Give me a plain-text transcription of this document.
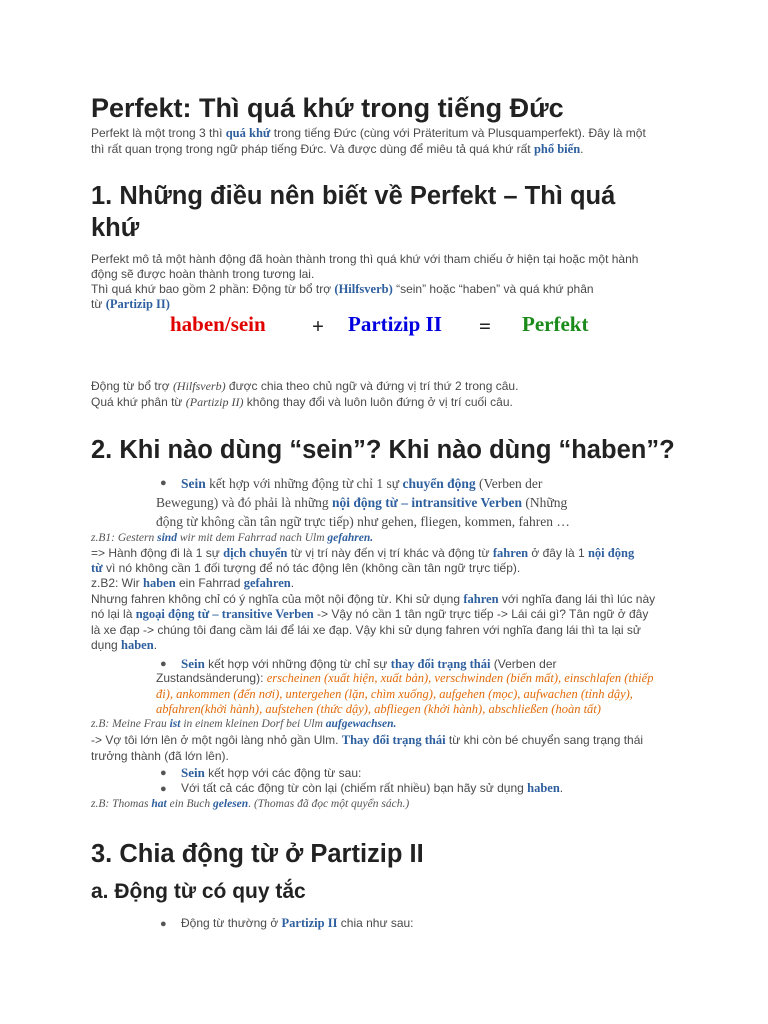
Perfekt: Thì quá khứ trong tiếng Đức
Perfekt là một trong 3 thì quá khứ trong tiếng Đức (cùng với Präteritum và Plusquamperfekt). Đây là một
thì rất quan trọng trong ngữ pháp tiếng Đức. Và được dùng để miêu tả quá khứ rất phổ biến.
1. Những điều nên biết về Perfekt – Thì quá
khứ
Perfekt mô tả một hành động đã hoàn thành trong thì quá khứ với tham chiếu ở hiện tại hoặc một hành
động sẽ được hoàn thành trong tương lai.
Thì quá khứ bao gồm 2 phần: Động từ bổ trợ (Hilfsverb) “sein” hoặc “haben” và quá khứ phân
từ (Partizip II)
haben/sein + Partizip II = Perfekt
Động từ bổ trợ (Hilfsverb) được chia theo chủ ngữ và đứng vị trí thứ 2 trong câu.
Quá khứ phân từ (Partizip II) không thay đổi và luôn luôn đứng ở vị trí cuối câu.
2. Khi nào dùng “sein”? Khi nào dùng “haben”?
● Sein kết hợp với những động từ chỉ 1 sự chuyển động (Verben der
Bewegung) và đó phải là những nội động từ – intransitive Verben (Những
động từ không cần tân ngữ trực tiếp) như gehen, fliegen, kommen, fahren …
z.B1: Gestern sind wir mit dem Fahrrad nach Ulm gefahren.
=> Hành động đi là 1 sự dịch chuyển từ vị trí này đến vị trí khác và động từ fahren ở đây là 1 nội động
từ vì nó không cần 1 đối tượng để nó tác động lên (không cần tân ngữ trực tiếp).
z.B2: Wir haben ein Fahrrad gefahren.
Nhưng fahren không chỉ có ý nghĩa của một nội động từ. Khi sử dụng fahren với nghĩa đang lái thì lúc này
nó lại là ngoại động từ – transitive Verben -> Vậy nó cần 1 tân ngữ trực tiếp -> Lái cái gì? Tân ngữ ở đây
là xe đạp -> chúng tôi đang cầm lái để lái xe đạp. Vậy khi sử dụng fahren với nghĩa đang lái thì ta lại sử
dụng haben.
● Sein kết hợp với những động từ chỉ sự thay đổi trạng thái (Verben der
Zustandsänderung): erscheinen (xuất hiện, xuất bản), verschwinden (biến mất), einschlafen (thiếp
đi), ankommen (đến nơi), untergehen (lặn, chìm xuống), aufgehen (mọc), aufwachen (tỉnh dậy),
abfahren(khởi hành), aufstehen (thức dậy), abfliegen (khởi hành), abschließen (hoàn tất)
z.B: Meine Frau ist in einem kleinen Dorf bei Ulm aufgewachsen.
-> Vợ tôi lớn lên ở một ngôi làng nhỏ gần Ulm. Thay đổi trạng thái từ khi còn bé chuyển sang trạng thái
trưởng thành (đã lớn lên).
● Sein kết hợp với các động từ sau:
● Với tất cả các động từ còn lại (chiếm rất nhiều) bạn hãy sử dụng haben.
z.B: Thomas hat ein Buch gelesen. (Thomas đã đọc một quyển sách.)
3. Chia động từ ở Partizip II
a. Động từ có quy tắc
● Động từ thường ở Partizip II chia như sau:
